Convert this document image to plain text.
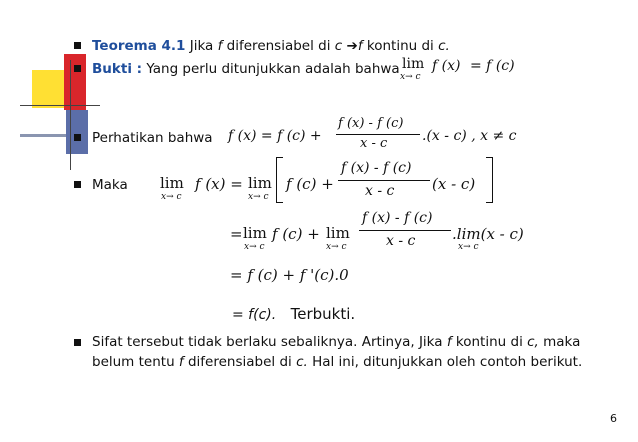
Teorema 4.1 Jika f diferensiabel di c ➔f kontinu di c.
Bukti : Yang perlu ditunjukkan adalah bahwa lim
x→ c
f (x) = f (c)
Perhatikan bahwa f (x) = f (c) +
f (x) - f (c)
x - c .(x - c) , x ≠ c
Maka lim
x→ c
f (x) = lim
x→ c
f (c) +
f (x) - f (c)
x - c	(x - c)
= lim
x→ c
f (c) + lim
x→ c
f (x) - f (c)
x - c .lim(x - c)
x→ c
= f (c) + f '(c).0
= f(c). Terbukti.
Sifat tersebut tidak berlaku sebaliknya. Artinya, Jika f kontinu di c, maka
belum tentu f diferensiabel di c. Hal ini, ditunjukkan oleh contoh berikut.
6
